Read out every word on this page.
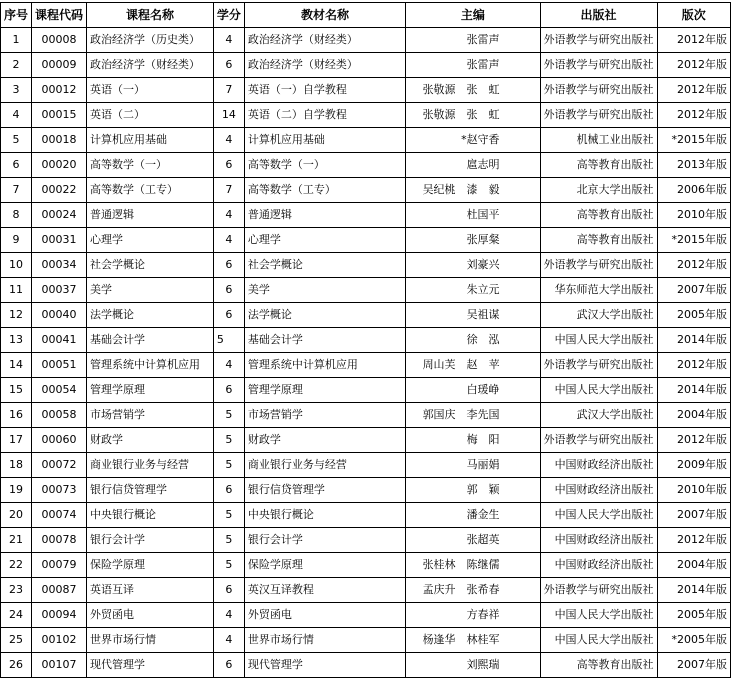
序号	课程代码	课程名称	学分	教材名称	主编	出版社	版次
1	00008	政治经济学（历史类）	4	政治经济学（财经类）	张雷声	外语教学与研究出版社	2012年版
2	00009	政治经济学（财经类）	6	政治经济学（财经类）	张雷声	外语教学与研究出版社	2012年版
3	00012	英语（一）	7	英语（一）自学教程	张敬源　张　虹	外语教学与研究出版社	2012年版
4	00015	英语（二）	14	英语（二）自学教程	张敬源　张　虹	外语教学与研究出版社	2012年版
5	00018	计算机应用基础	4	计算机应用基础	*赵守香	机械工业出版社	*2015年版
6	00020	高等数学（一）	6	高等数学（一）	扈志明	高等教育出版社	2013年版
7	00022	高等数学（工专）	7	高等数学（工专）	吴纪桃　漆　毅	北京大学出版社	2006年版
8	00024	普通逻辑	4	普通逻辑	杜国平	高等教育出版社	2010年版
9	00031	心理学	4	心理学	张厚粲	高等教育出版社	*2015年版
10	00034	社会学概论	6	社会学概论	刘豪兴	外语教学与研究出版社	2012年版
11	00037	美学	6	美学	朱立元	华东师范大学出版社	2007年版
12	00040	法学概论	6	法学概论	吴祖谋	武汉大学出版社	2005年版
13	00041	基础会计学	5	基础会计学	徐　泓	中国人民大学出版社	2014年版
14	00051	管理系统中计算机应用	4	管理系统中计算机应用	周山芙　赵　苹	外语教学与研究出版社	2012年版
15	00054	管理学原理	6	管理学原理	白瑗峥	中国人民大学出版社	2014年版
16	00058	市场营销学	5	市场营销学	郭国庆　李先国	武汉大学出版社	2004年版
17	00060	财政学	5	财政学	梅　阳	外语教学与研究出版社	2012年版
18	00072	商业银行业务与经营	5	商业银行业务与经营	马丽娟	中国财政经济出版社	2009年版
19	00073	银行信贷管理学	6	银行信贷管理学	郭　颖	中国财政经济出版社	2010年版
20	00074	中央银行概论	5	中央银行概论	潘金生	中国人民大学出版社	2007年版
21	00078	银行会计学	5	银行会计学	张超英	中国财政经济出版社	2012年版
22	00079	保险学原理	5	保险学原理	张桂林　陈继儒	中国财政经济出版社	2004年版
23	00087	英语互译	6	英汉互译教程	孟庆升　张希春	外语教学与研究出版社	2014年版
24	00094	外贸函电	4	外贸函电	方春祥	中国人民大学出版社	2005年版
25	00102	世界市场行情	4	世界市场行情	杨逢华　林桂军	中国人民大学出版社	*2005年版
26	00107	现代管理学	6	现代管理学	刘熙瑞	高等教育出版社	2007年版
